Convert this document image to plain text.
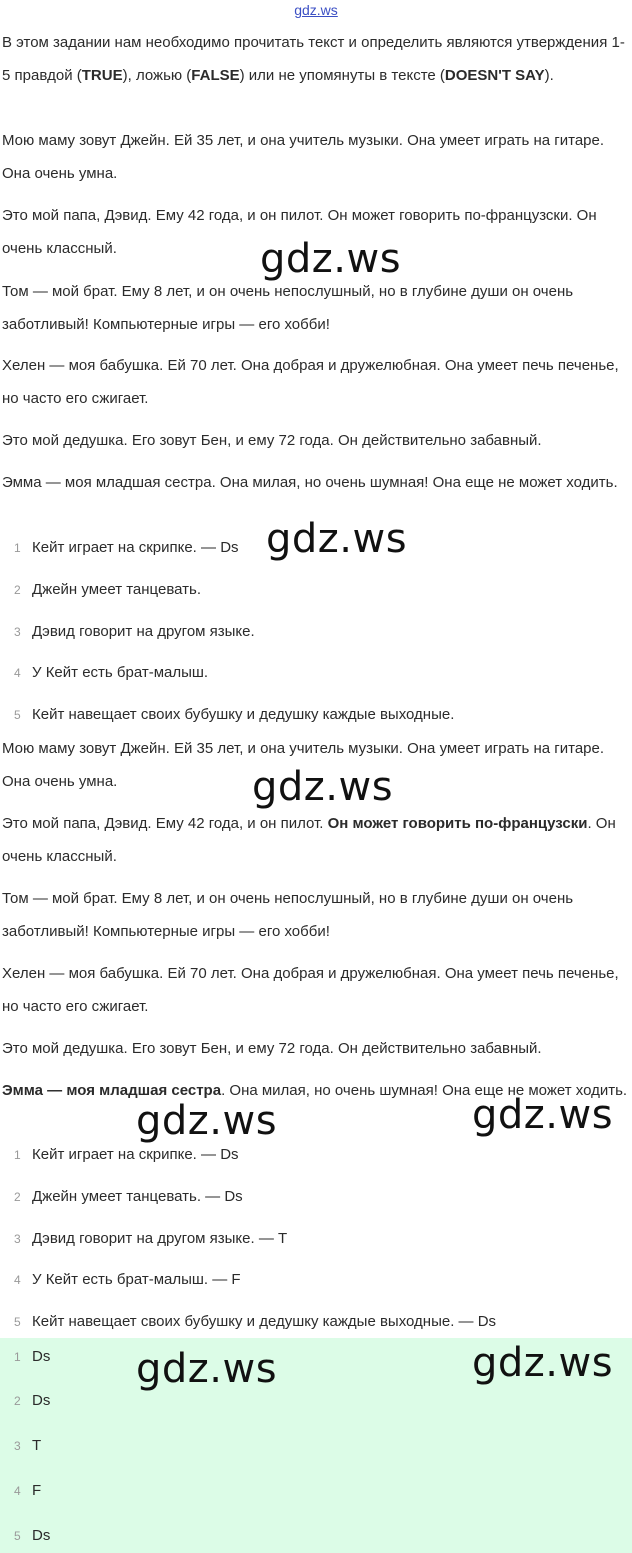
gdz.ws
В этом задании нам необходимо прочитать текст и определить являются утверждения 1-5 правдой (TRUE), ложью (FALSE) или не упомянуты в тексте (DOESN'T SAY).
Мою маму зовут Джейн. Ей 35 лет, и она учитель музыки. Она умеет играть на гитаре. Она очень умна.
Это мой папа, Дэвид. Ему 42 года, и он пилот. Он может говорить по-французски. Он очень классный.
Том — мой брат. Ему 8 лет, и он очень непослушный, но в глубине души он очень заботливый! Компьютерные игры — его хобби!
Хелен — моя бабушка. Ей 70 лет. Она добрая и дружелюбная. Она умеет печь печенье, но часто его сжигает.
Это мой дедушка. Его зовут Бен, и ему 72 года. Он действительно забавный.
Эмма — моя младшая сестра. Она милая, но очень шумная! Она еще не может ходить.
1 Кейт играет на скрипке. — Ds
2 Джейн умеет танцевать.
3 Дэвид говорит на другом языке.
4 У Кейт есть брат-малыш.
5 Кейт навещает своих бубушку и дедушку каждые выходные.
Мою маму зовут Джейн. Ей 35 лет, и она учитель музыки. Она умеет играть на гитаре. Она очень умна.
Это мой папа, Дэвид. Ему 42 года, и он пилот. Он может говорить по-французски. Он очень классный.
Том — мой брат. Ему 8 лет, и он очень непослушный, но в глубине души он очень заботливый! Компьютерные игры — его хобби!
Хелен — моя бабушка. Ей 70 лет. Она добрая и дружелюбная. Она умеет печь печенье, но часто его сжигает.
Это мой дедушка. Его зовут Бен, и ему 72 года. Он действительно забавный.
Эмма — моя младшая сестра. Она милая, но очень шумная! Она еще не может ходить.
1 Кейт играет на скрипке. — Ds
2 Джейн умеет танцевать. — Ds
3 Дэвид говорит на другом языке. — T
4 У Кейт есть брат-малыш. — F
5 Кейт навещает своих бубушку и дедушку каждые выходные. — Ds
1 Ds
2 Ds
3 T
4 F
5 Ds
gdz.ws
gdz.ws
gdz.ws
gdz.ws	gdz.ws
gdz.ws	gdz.ws
